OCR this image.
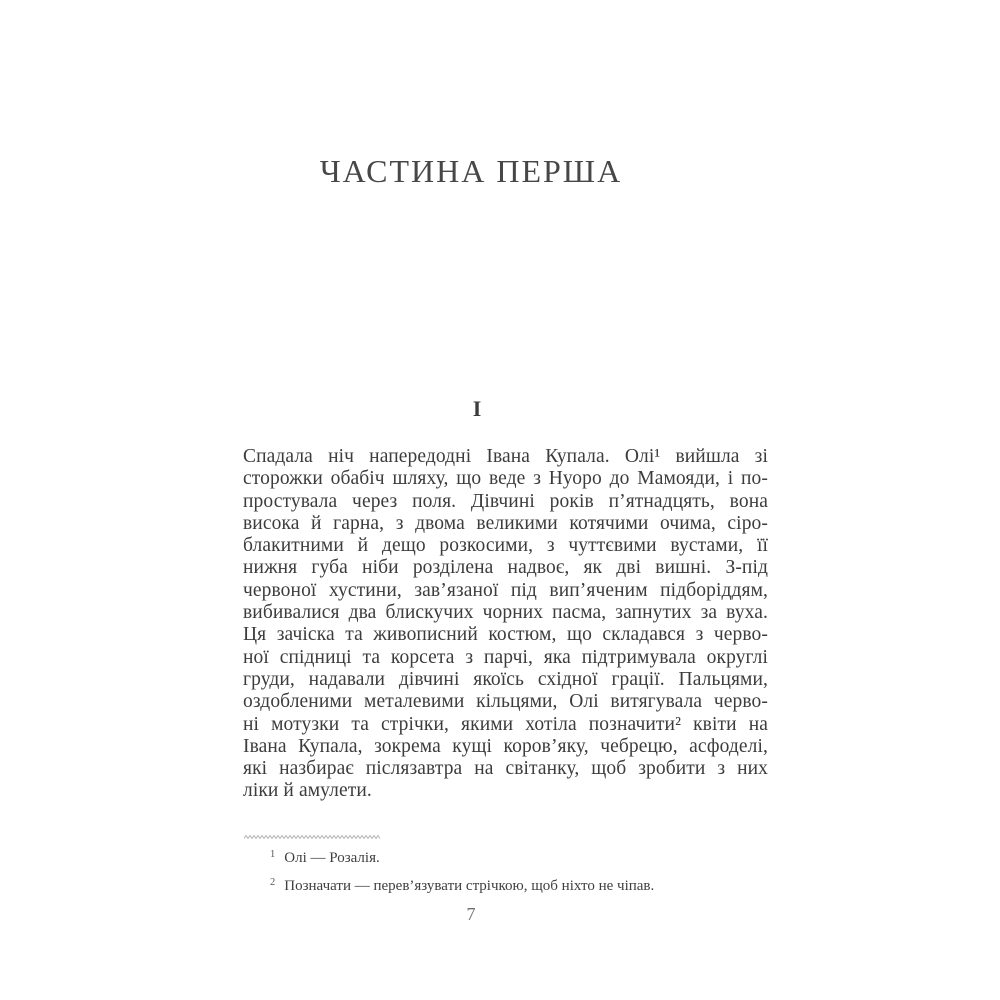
ЧАСТИНА ПЕРША
I
Спадала ніч напередодні Івана Купала. Олі¹ вийшла зі
сторожки обабіч шляху, що веде з Нуоро до Мамояди, і по-
простувала через поля. Дівчині років п’ятнадцять, вона
висока й гарна, з двома великими котячими очима, сіро-
блакитними й дещо розкосими, з чуттєвими вустами, її
нижня губа ніби розділена надвоє, як дві вишні. З-під
червоної хустини, зав’язаної під вип’яченим підборіддям,
вибивалися два блискучих чорних пасма, запнутих за вуха.
Ця зачіска та живописний костюм, що складався з черво-
ної спідниці та корсета з парчі, яка підтримувала округлі
груди, надавали дівчині якоїсь східної грації. Пальцями,
оздобленими металевими кільцями, Олі витягувала черво-
ні мотузки та стрічки, якими хотіла позначити² квіти на
Івана Купала, зокрема кущі коров’яку, чебрецю, асфоделі,
які назбирає післязавтра на світанку, щоб зробити з них
ліки й амулети.
$^1$ Олі — Розалія.
$^2$ Позначати — перев’язувати стрічкою, щоб ніхто не чіпав.
7
